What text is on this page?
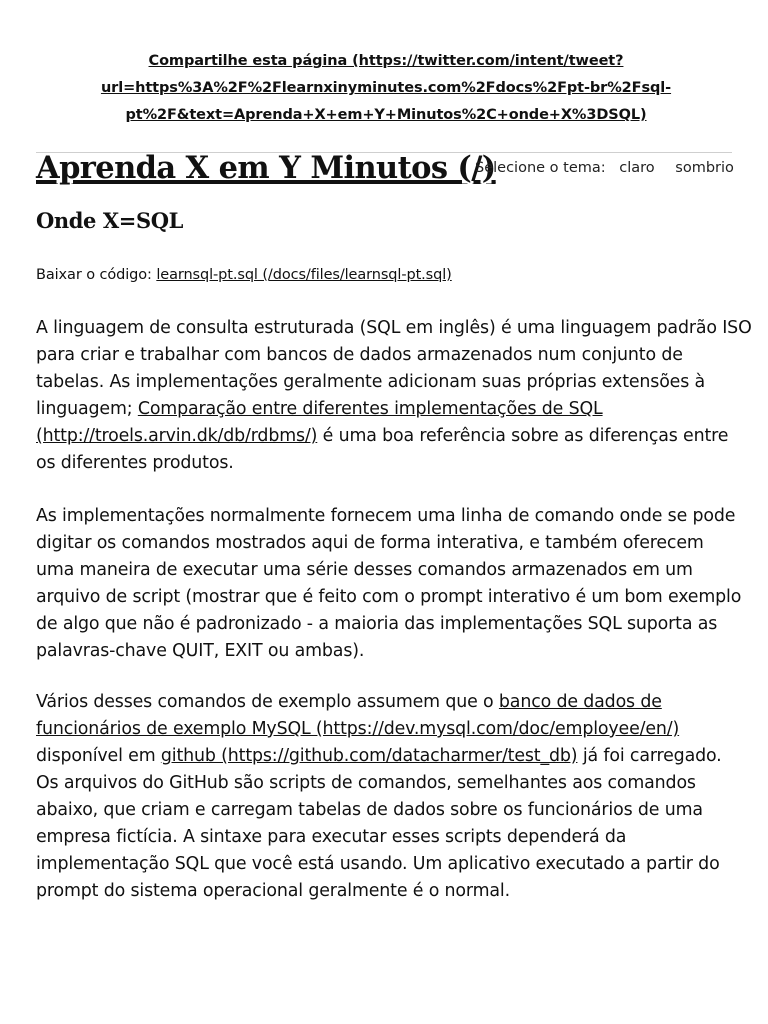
Compartilhe esta página (https://twitter.com/intent/tweet?
url=https%3A%2F%2Flearnxinyminutes.com%2Fdocs%2Fpt-br%2Fsql-
pt%2F&text=Aprenda+X+em+Y+Minutos%2C+onde+X%3DSQL)
Aprenda X em Y Minutos (/)
Selecione o tema: claro sombrio
Onde X=SQL
Baixar o código: learnsql-pt.sql (/docs/files/learnsql-pt.sql)
A linguagem de consulta estruturada (SQL em inglês) é uma linguagem padrão ISO
para criar e trabalhar com bancos de dados armazenados num conjunto de
tabelas. As implementações geralmente adicionam suas próprias extensões à
linguagem; Comparação entre diferentes implementações de SQL
(http://troels.arvin.dk/db/rdbms/) é uma boa referência sobre as diferenças entre
os diferentes produtos.
As implementações normalmente fornecem uma linha de comando onde se pode
digitar os comandos mostrados aqui de forma interativa, e também oferecem
uma maneira de executar uma série desses comandos armazenados em um
arquivo de script (mostrar que é feito com o prompt interativo é um bom exemplo
de algo que não é padronizado - a maioria das implementações SQL suporta as
palavras-chave QUIT, EXIT ou ambas).
Vários desses comandos de exemplo assumem que o banco de dados de
funcionários de exemplo MySQL (https://dev.mysql.com/doc/employee/en/)
disponível em github (https://github.com/datacharmer/test_db) já foi carregado.
Os arquivos do GitHub são scripts de comandos, semelhantes aos comandos
abaixo, que criam e carregam tabelas de dados sobre os funcionários de uma
empresa fictícia. A sintaxe para executar esses scripts dependerá da
implementação SQL que você está usando. Um aplicativo executado a partir do
prompt do sistema operacional geralmente é o normal.
